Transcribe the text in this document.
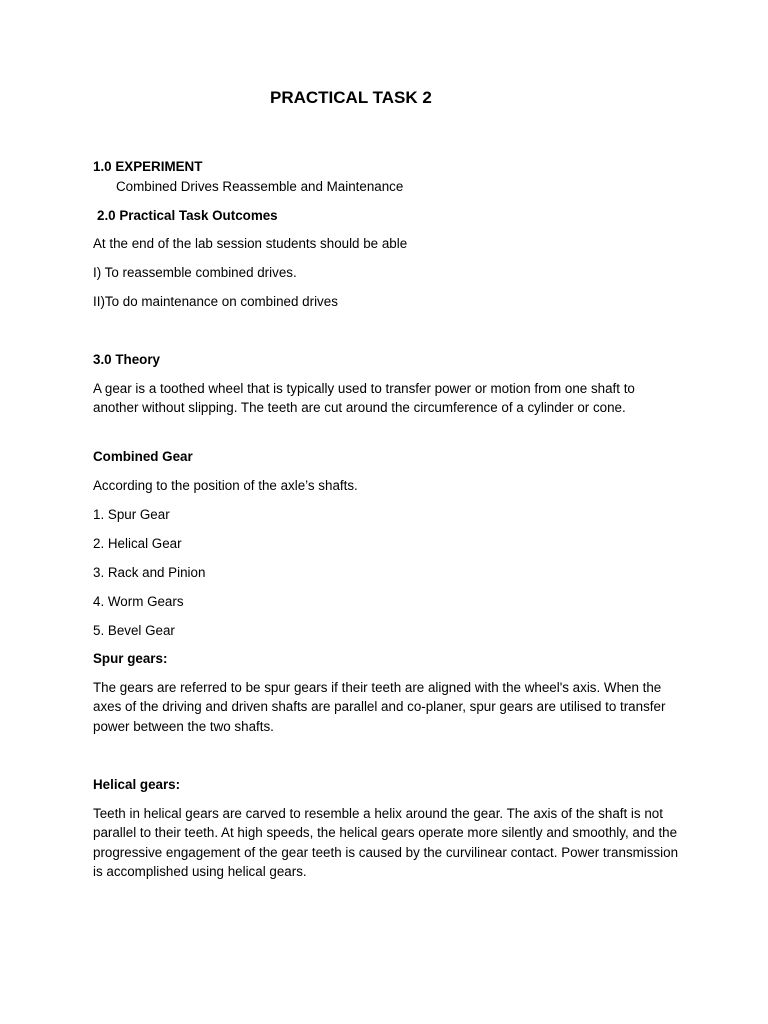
PRACTICAL TASK 2
1.0 EXPERIMENT
Combined Drives Reassemble and Maintenance
2.0 Practical Task Outcomes
At the end of the lab session students should be able
I) To reassemble combined drives.
II)To do maintenance on combined drives
3.0 Theory
A gear is a toothed wheel that is typically used to transfer power or motion from one shaft to another without slipping. The teeth are cut around the circumference of a cylinder or cone.
Combined Gear
According to the position of the axle’s shafts.
1. Spur Gear
2. Helical Gear
3. Rack and Pinion
4. Worm Gears
5. Bevel Gear
Spur gears:
The gears are referred to be spur gears if their teeth are aligned with the wheel's axis. When the axes of the driving and driven shafts are parallel and co-planer, spur gears are utilised to transfer power between the two shafts.
Helical gears:
Teeth in helical gears are carved to resemble a helix around the gear. The axis of the shaft is not parallel to their teeth. At high speeds, the helical gears operate more silently and smoothly, and the progressive engagement of the gear teeth is caused by the curvilinear contact. Power transmission is accomplished using helical gears.
